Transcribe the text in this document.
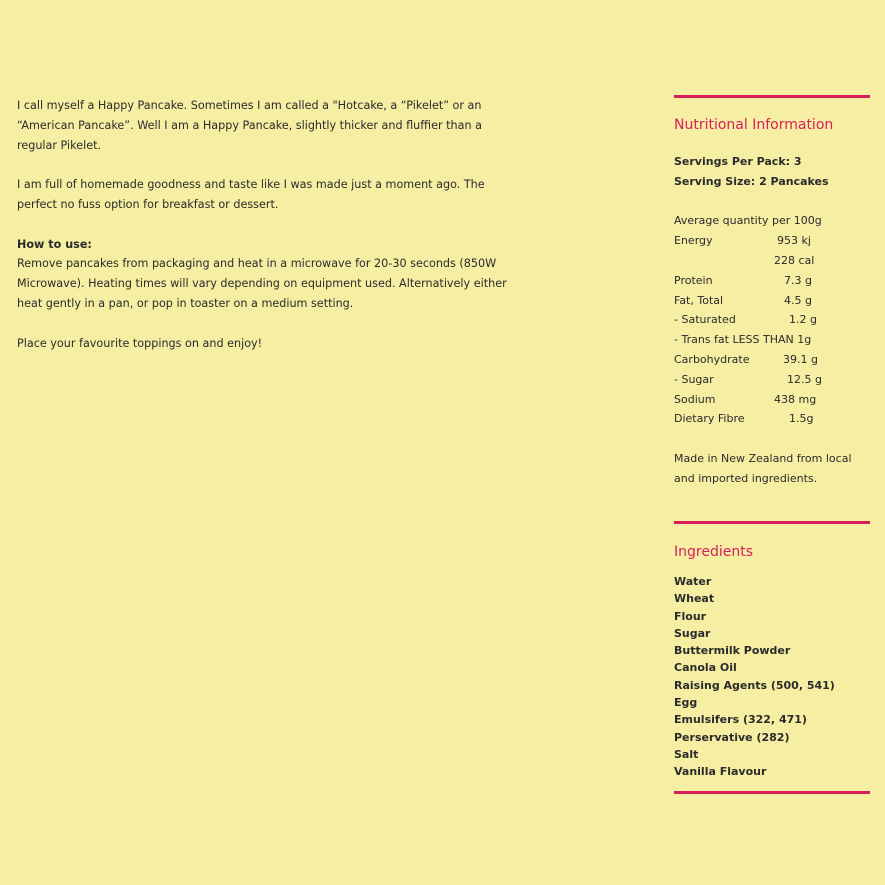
I call myself a Happy Pancake. Sometimes I am called a "Hotcake, a “Pikelet” or an “American Pancake”. Well I am a Happy Pancake, slightly thicker and fluffier than a regular Pikelet.

I am full of homemade goodness and taste like I was made just a moment ago. The perfect no fuss option for breakfast or dessert.

How to use:
Remove pancakes from packaging and heat in a microwave for 20-30 seconds (850W Microwave). Heating times will vary depending on equipment used. Alternatively either heat gently in a pan, or pop in toaster on a medium setting.

Place your favourite toppings on and enjoy!

Nutritional Information
Servings Per Pack: 3
Serving Size: 2 Pancakes
Average quantity per 100g
Energy	953 kj
228 cal
Protein	7.3 g
Fat, Total	4.5 g
- Saturated	1.2 g
- Trans fat LESS THAN 1g
Carbohydrate	39.1 g
- Sugar	12.5 g
Sodium	438 mg
Dietary Fibre	1.5g
Made in New Zealand from local and imported ingredients.
Ingredients
Water
Wheat
Flour
Sugar
Buttermilk Powder
Canola Oil
Raising Agents (500, 541)
Egg
Emulsifers (322, 471)
Perservative (282)
Salt
Vanilla Flavour
